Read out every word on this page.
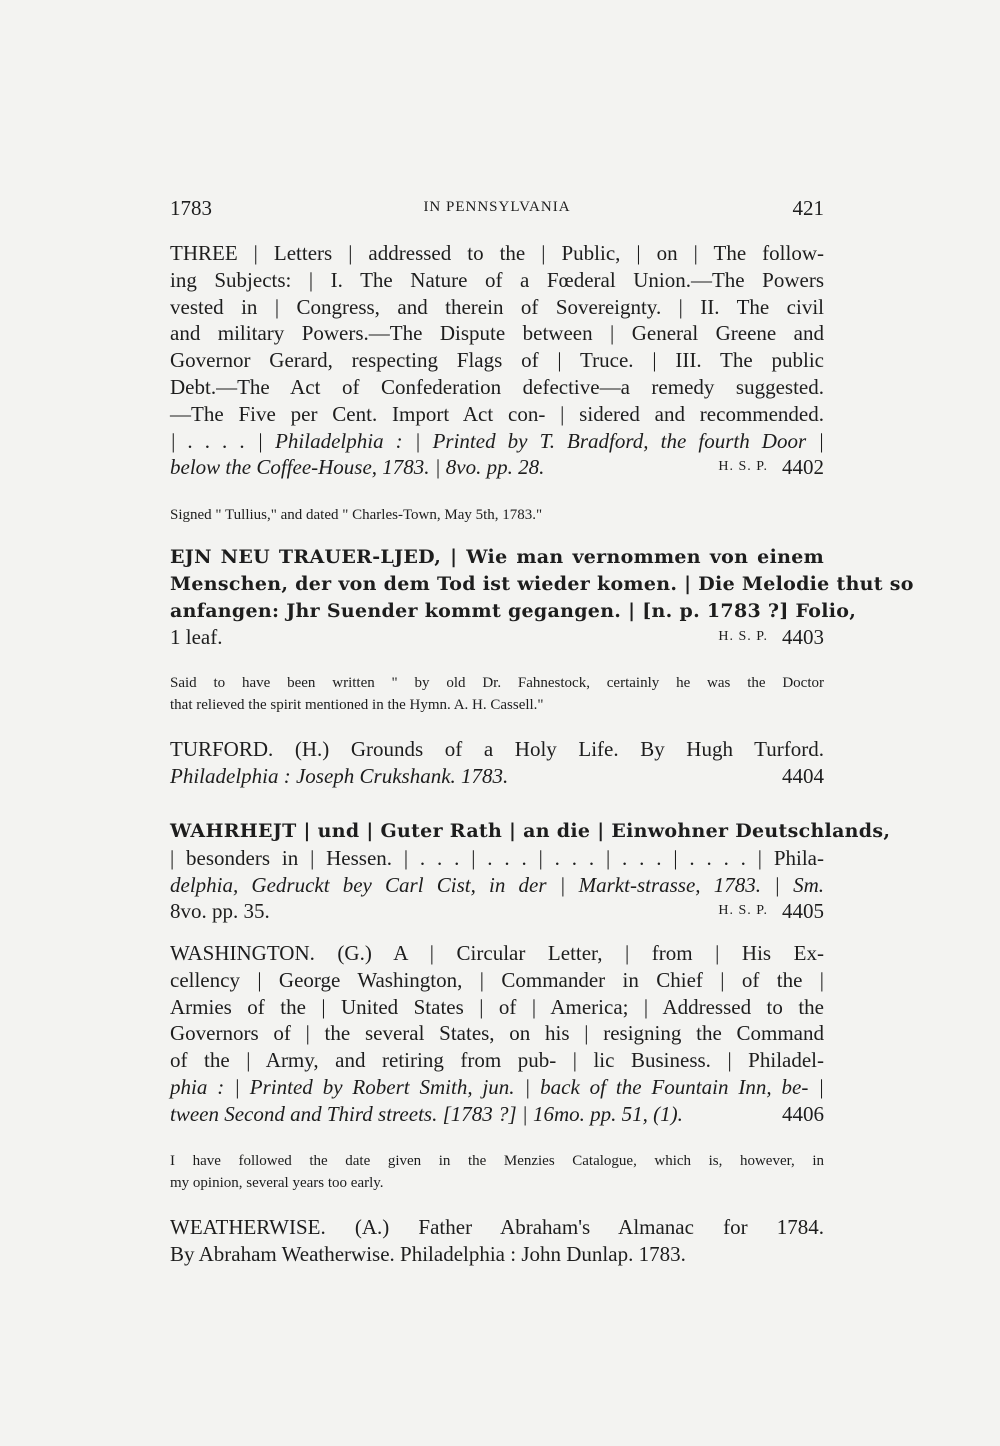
1783	IN PENNSYLVANIA	421
THREE | Letters | addressed to the | Public, | on | The follow-
ing Subjects: | I. The Nature of a Fœderal Union.—The Powers
vested in | Congress, and therein of Sovereignty. | II. The civil
and military Powers.—The Dispute between | General Greene and
Governor Gerard, respecting Flags of | Truce. | III. The public
Debt.—The Act of Confederation defective—a remedy suggested.
—The Five per Cent. Import Act con- | sidered and recommended.
| . . . . | Philadelphia : | Printed by T. Bradford, the fourth Door |
below the Coffee-House, 1783. | 8vo. pp. 28.	4402
H. S. P.
Signed " Tullius," and dated " Charles-Town, May 5th, 1783."
EJN NEU TRAUER-LJED, | Wie man vernommen von einem
Menschen, der von dem Tod ist wieder komen. | Die Melodie thut so
anfangen: Jhr Suender kommt gegangen. | [n. p. 1783 ?] Folio,
1 leaf.	4403
H. S. P.
Said to have been written " by old Dr. Fahnestock, certainly he was the Doctor
that relieved the spirit mentioned in the Hymn. A. H. Cassell."
TURFORD. (H.) Grounds of a Holy Life. By Hugh Turford.
Philadelphia : Joseph Crukshank. 1783.	4404
WAHRHEJT | und | Guter Rath | an die | Einwohner Deutschlands,
| besonders in | Hessen. | . . . | . . . | . . . | . . . | . . . . | Phila-
delphia, Gedruckt bey Carl Cist, in der | Markt-strasse, 1783. | Sm.
8vo. pp. 35.	4405
H. S. P.
WASHINGTON. (G.) A | Circular Letter, | from | His Ex-
cellency | George Washington, | Commander in Chief | of the |
Armies of the | United States | of | America; | Addressed to the
Governors of | the several States, on his | resigning the Command
of the | Army, and retiring from pub- | lic Business. | Philadel-
phia : | Printed by Robert Smith, jun. | back of the Fountain Inn, be- |
tween Second and Third streets. [1783 ?] | 16mo. pp. 51, (1).	4406
I have followed the date given in the Menzies Catalogue, which is, however, in
my opinion, several years too early.
WEATHERWISE. (A.) Father Abraham's Almanac for 1784.
By Abraham Weatherwise. Philadelphia : John Dunlap. 1783.
